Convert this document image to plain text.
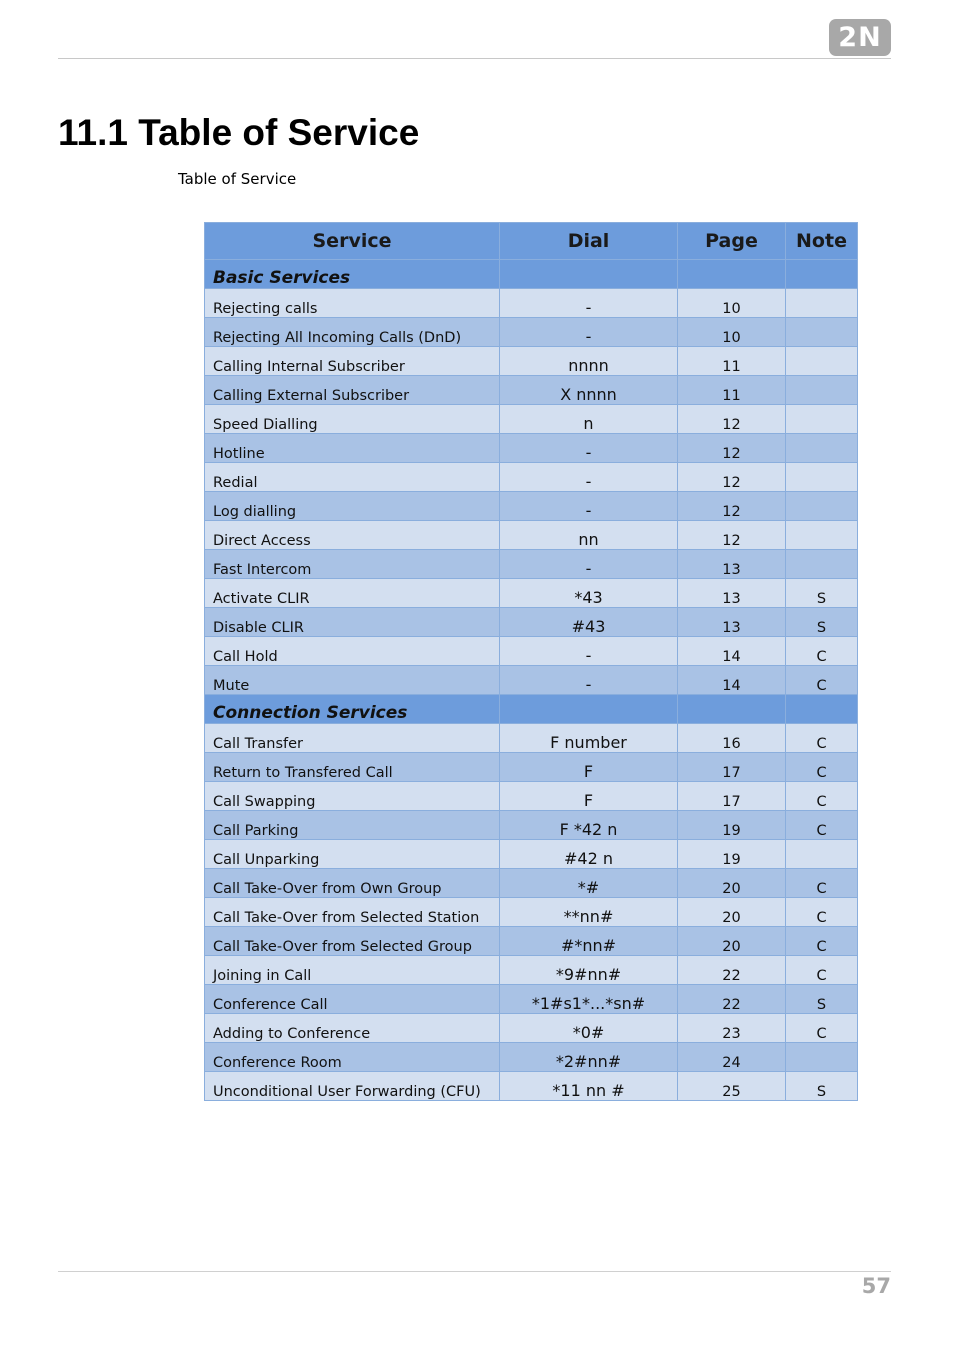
2N
11.1 Table of Service
Table of Service
Service	Dial	Page	Note
Basic Services			
Rejecting calls	-	10	
Rejecting All Incoming Calls (DnD)	-	10	
Calling Internal Subscriber	nnnn	11	
Calling External Subscriber	X nnnn	11	
Speed Dialling	n	12	
Hotline	-	12	
Redial	-	12	
Log dialling	-	12	
Direct Access	nn	12	
Fast Intercom	-	13	
Activate CLIR	*43	13	S
Disable CLIR	#43	13	S
Call Hold	-	14	C
Mute	-	14	C
Connection Services			
Call Transfer	F number	16	C
Return to Transfered Call	F	17	C
Call Swapping	F	17	C
Call Parking	F *42 n	19	C
Call Unparking	#42 n	19	
Call Take-Over from Own Group	*#	20	C
Call Take-Over from Selected Station	**nn#	20	C
Call Take-Over from Selected Group	#*nn#	20	C
Joining in Call	*9#nn#	22	C
Conference Call	*1#s1*...*sn#	22	S
Adding to Conference	*0#	23	C
Conference Room	*2#nn#	24	
Unconditional User Forwarding (CFU)	*11 nn #	25	S
57
